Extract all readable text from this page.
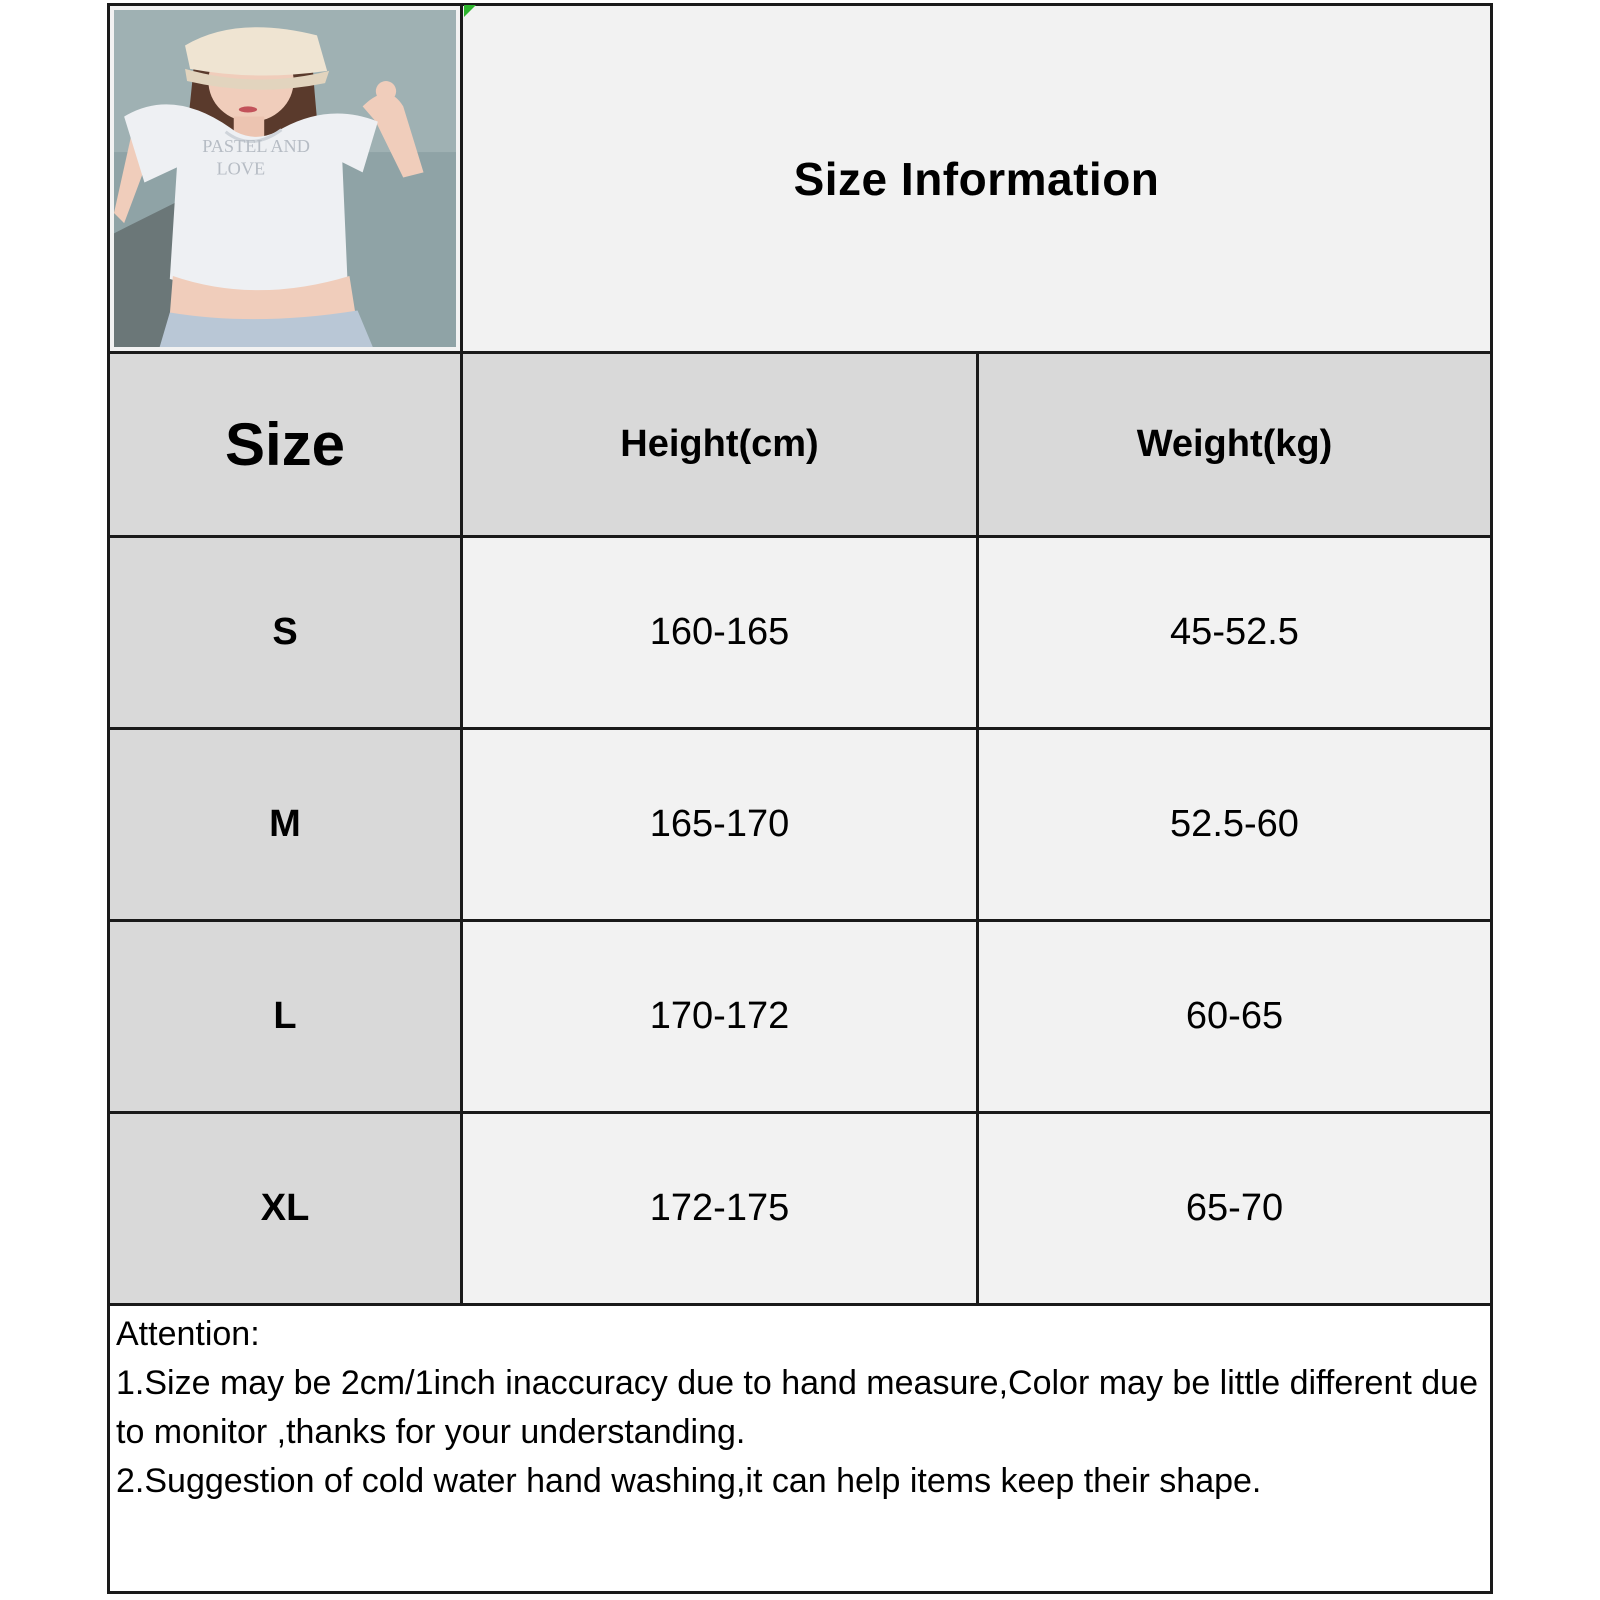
PASTEL AND
LOVE	Size Information
Size	Height(cm)	Weight(kg)
S	160-165	45-52.5
M	165-170	52.5-60
L	170-172	60-65
XL	172-175	65-70

Attention:

1.Size may be 2cm/1inch inaccuracy due to hand measure,Color may be little different due to monitor ,thanks for your understanding.

2.Suggestion of cold water hand washing,it can help items keep their shape.
